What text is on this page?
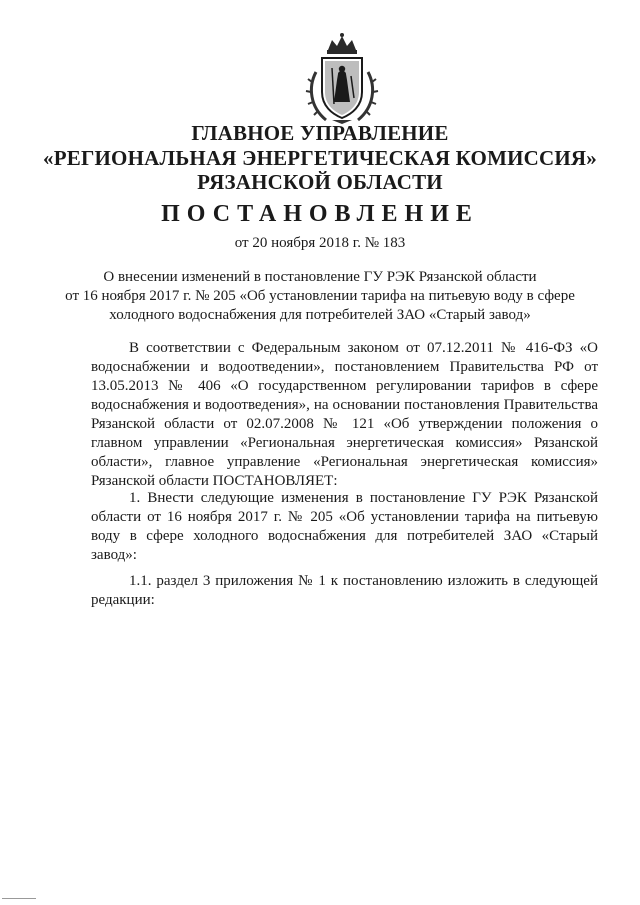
ГЛАВНОЕ УПРАВЛЕНИЕ
«РЕГИОНАЛЬНАЯ ЭНЕРГЕТИЧЕСКАЯ КОМИССИЯ»
РЯЗАНСКОЙ ОБЛАСТИ
ПОСТАНОВЛЕНИЕ
от 20 ноября 2018 г. № 183
О внесении изменений в постановление ГУ РЭК Рязанской области
от 16 ноября 2017 г. № 205 «Об установлении тарифа на питьевую воду в сфере
холодного водоснабжения для потребителей ЗАО «Старый завод»

В соответствии с Федеральным законом от 07.12.2011 № 416-ФЗ «О водоснабжении и водоотведении», постановлением Правительства РФ от 13.05.2013 № 406 «О государственном регулировании тарифов в сфере водоснабжения и водоотведения», на основании постановления Правительства Рязанской области от 02.07.2008 № 121 «Об утверждении положения о главном управлении «Региональная энергетическая комиссия» Рязанской области», главное управление «Региональная энергетическая комиссия» Рязанской области ПОСТАНОВЛЯЕТ:

1. Внести следующие изменения в постановление ГУ РЭК Рязанской области от 16 ноября 2017 г. № 205 «Об установлении тарифа на питьевую воду в сфере холодного водоснабжения для потребителей ЗАО «Старый завод»:

1.1. раздел 3 приложения № 1 к постановлению изложить в следующей редакции:
